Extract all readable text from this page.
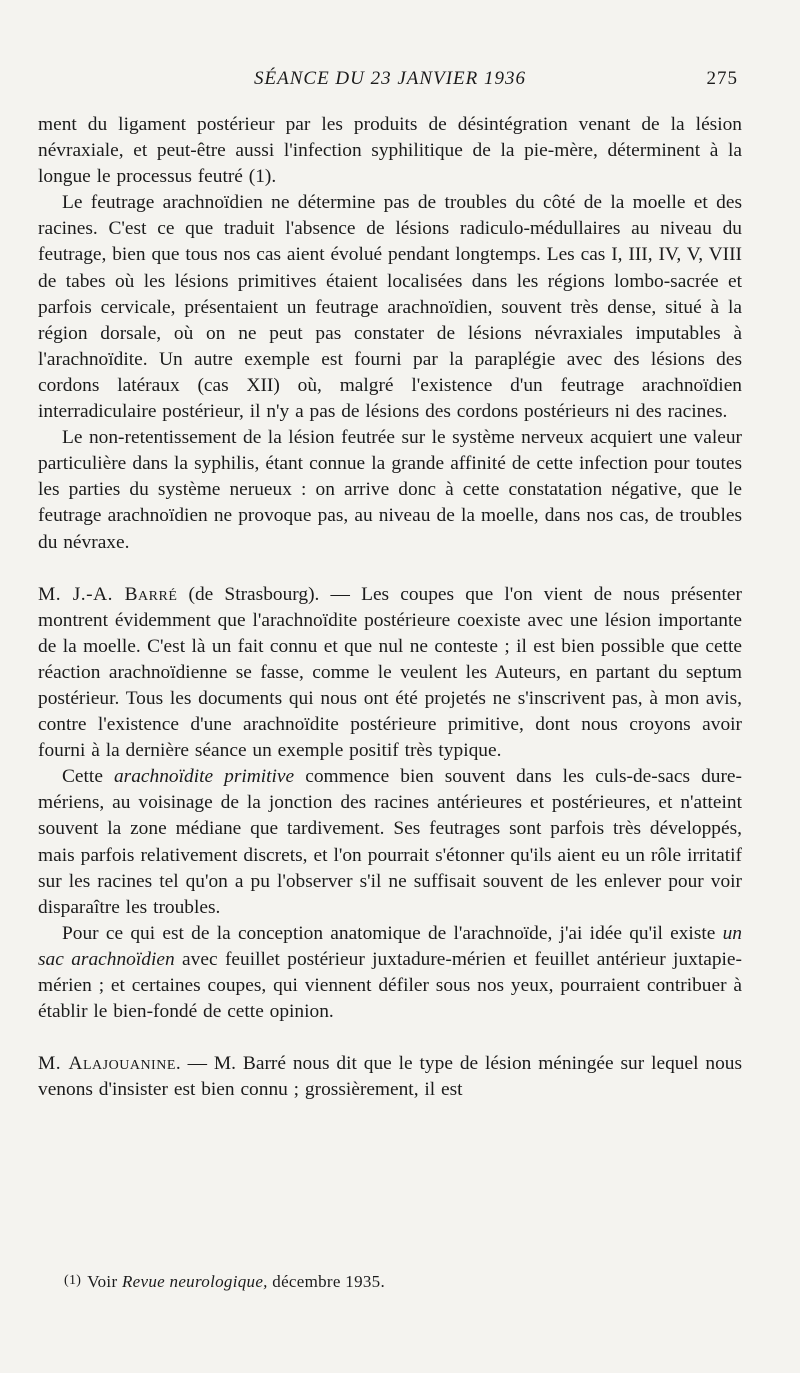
SÉANCE DU 23 JANVIER 1936	275

ment du ligament postérieur par les produits de désintégration venant de la lésion névraxiale, et peut-être aussi l'infection syphilitique de la pie-mère, déterminent à la longue le processus feutré (1).

Le feutrage arachnoïdien ne détermine pas de troubles du côté de la moelle et des racines. C'est ce que traduit l'absence de lésions radiculo-médullaires au niveau du feutrage, bien que tous nos cas aient évolué pendant longtemps. Les cas I, III, IV, V, VIII de tabes où les lésions primitives étaient localisées dans les régions lombo-sacrée et parfois cervicale, présentaient un feutrage arachnoïdien, souvent très dense, situé à la région dorsale, où on ne peut pas constater de lésions névraxiales imputables à l'arachnoïdite. Un autre exemple est fourni par la paraplégie avec des lésions des cordons latéraux (cas XII) où, malgré l'existence d'un feutrage arachnoïdien interradiculaire postérieur, il n'y a pas de lésions des cordons postérieurs ni des racines.

Le non-retentissement de la lésion feutrée sur le système nerveux acquiert une valeur particulière dans la syphilis, étant connue la grande affinité de cette infection pour toutes les parties du système nerueux : on arrive donc à cette constatation négative, que le feutrage arachnoïdien ne provoque pas, au niveau de la moelle, dans nos cas, de troubles du névraxe.

M. J.-A. Barré (de Strasbourg). — Les coupes que l'on vient de nous présenter montrent évidemment que l'arachnoïdite postérieure coexiste avec une lésion importante de la moelle. C'est là un fait connu et que nul ne conteste ; il est bien possible que cette réaction arachnoïdienne se fasse, comme le veulent les Auteurs, en partant du septum postérieur. Tous les documents qui nous ont été projetés ne s'inscrivent pas, à mon avis, contre l'existence d'une arachnoïdite postérieure primitive, dont nous croyons avoir fourni à la dernière séance un exemple positif très typique.

Cette arachnoïdite primitive commence bien souvent dans les culs-de-sacs dure-mériens, au voisinage de la jonction des racines antérieures et postérieures, et n'atteint souvent la zone médiane que tardivement. Ses feutrages sont parfois très développés, mais parfois relativement discrets, et l'on pourrait s'étonner qu'ils aient eu un rôle irritatif sur les racines tel qu'on a pu l'observer s'il ne suffisait souvent de les enlever pour voir disparaître les troubles.

Pour ce qui est de la conception anatomique de l'arachnoïde, j'ai idée qu'il existe un sac arachnoïdien avec feuillet postérieur juxtadure-mérien et feuillet antérieur juxtapie-mérien ; et certaines coupes, qui viennent défiler sous nos yeux, pourraient contribuer à établir le bien-fondé de cette opinion.

M. Alajouanine. — M. Barré nous dit que le type de lésion méningée sur lequel nous venons d'insister est bien connu ; grossièrement, il est

(1) Voir Revue neurologique, décembre 1935.
